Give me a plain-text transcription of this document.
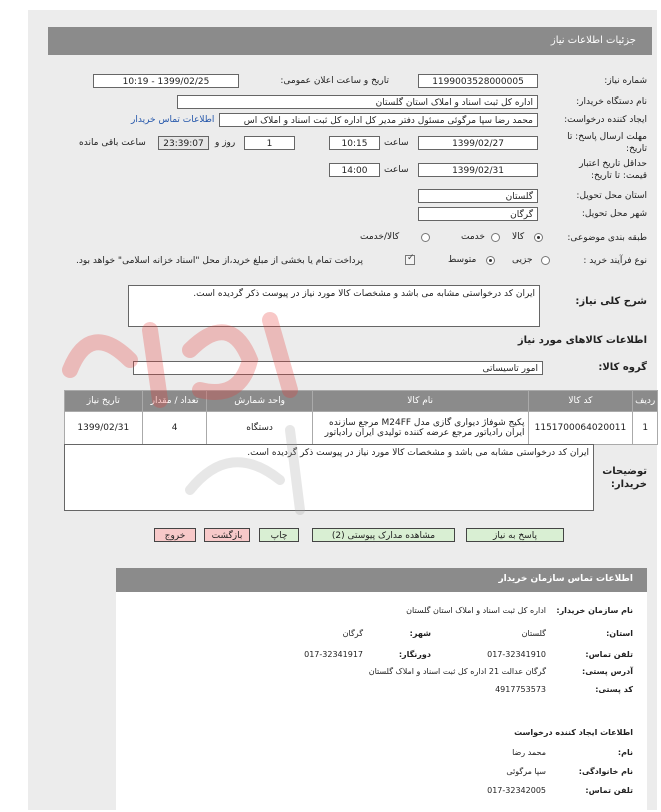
جزئیات اطلاعات نیاز
شماره نیاز:
1199003528000005
تاریخ و ساعت اعلان عمومی:
1399/02/25 - 10:19
نام دستگاه خریدار:
اداره کل ثبت اسناد و املاک استان گلستان
ایجاد کننده درخواست:
محمد رضا سپا مرگوئی مسئول دفتر مدیر کل اداره کل ثبت اسناد و املاک اس
اطلاعات تماس خریدار
مهلت ارسال پاسخ: تا تاریخ:
1399/02/27
ساعت
10:15
1
روز و
23:39:07
ساعت باقی مانده
حداقل تاریخ اعتبار قیمت: تا تاریخ:
1399/02/31
ساعت
14:00
استان محل تحویل:
گلستان
شهر محل تحویل:
گرگان
طبقه بندی موضوعی:
کالا
خدمت
کالا/خدمت
نوع فرآیند خرید :
جزیی
متوسط
✓
پرداخت تمام یا بخشی از مبلغ خرید،از محل "اسناد خزانه اسلامی" خواهد بود.
شرح کلی نیاز:
ایران کد درخواستی مشابه می باشد و مشخصات کالا مورد نیاز در پیوست ذکر گردیده است.
اطلاعات کالاهای مورد نیاز
گروه کالا:
امور تاسیساتی
ردیف	کد کالا	نام کالا	واحد شمارش	تعداد / مقدار	تاریخ نیاز
1	1151700064020011	پکیج شوفاژ دیواری گازی مدل M24FF مرجع سازنده ایران رادیاتور مرجع عرضه کننده تولیدی ایران رادیاتور	دستگاه	4	1399/02/31
توضیحات خریدار:
ایران کد درخواستی مشابه می باشد و مشخصات کالا مورد نیاز در پیوست ذکر گردیده است.
پاسخ به نیاز
مشاهده مدارک پیوستی (2)
چاپ
بازگشت
خروج
اطلاعات تماس سازمان خریدار
نام سازمان خریدار:
اداره کل ثبت اسناد و املاک استان گلستان
استان:
گلستان
شهر:
گرگان
تلفن تماس:
017-32341910
دورنگار:
017-32341917
آدرس پستی:
گرگان عدالت 21 اداره کل ثبت اسناد و املاک گلستان
کد پستی:
4917753573
اطلاعات ایجاد کننده درخواست
نام:
محمد رضا
نام خانوادگی:
سپا مرگوئی
تلفن تماس:
017-32342005
